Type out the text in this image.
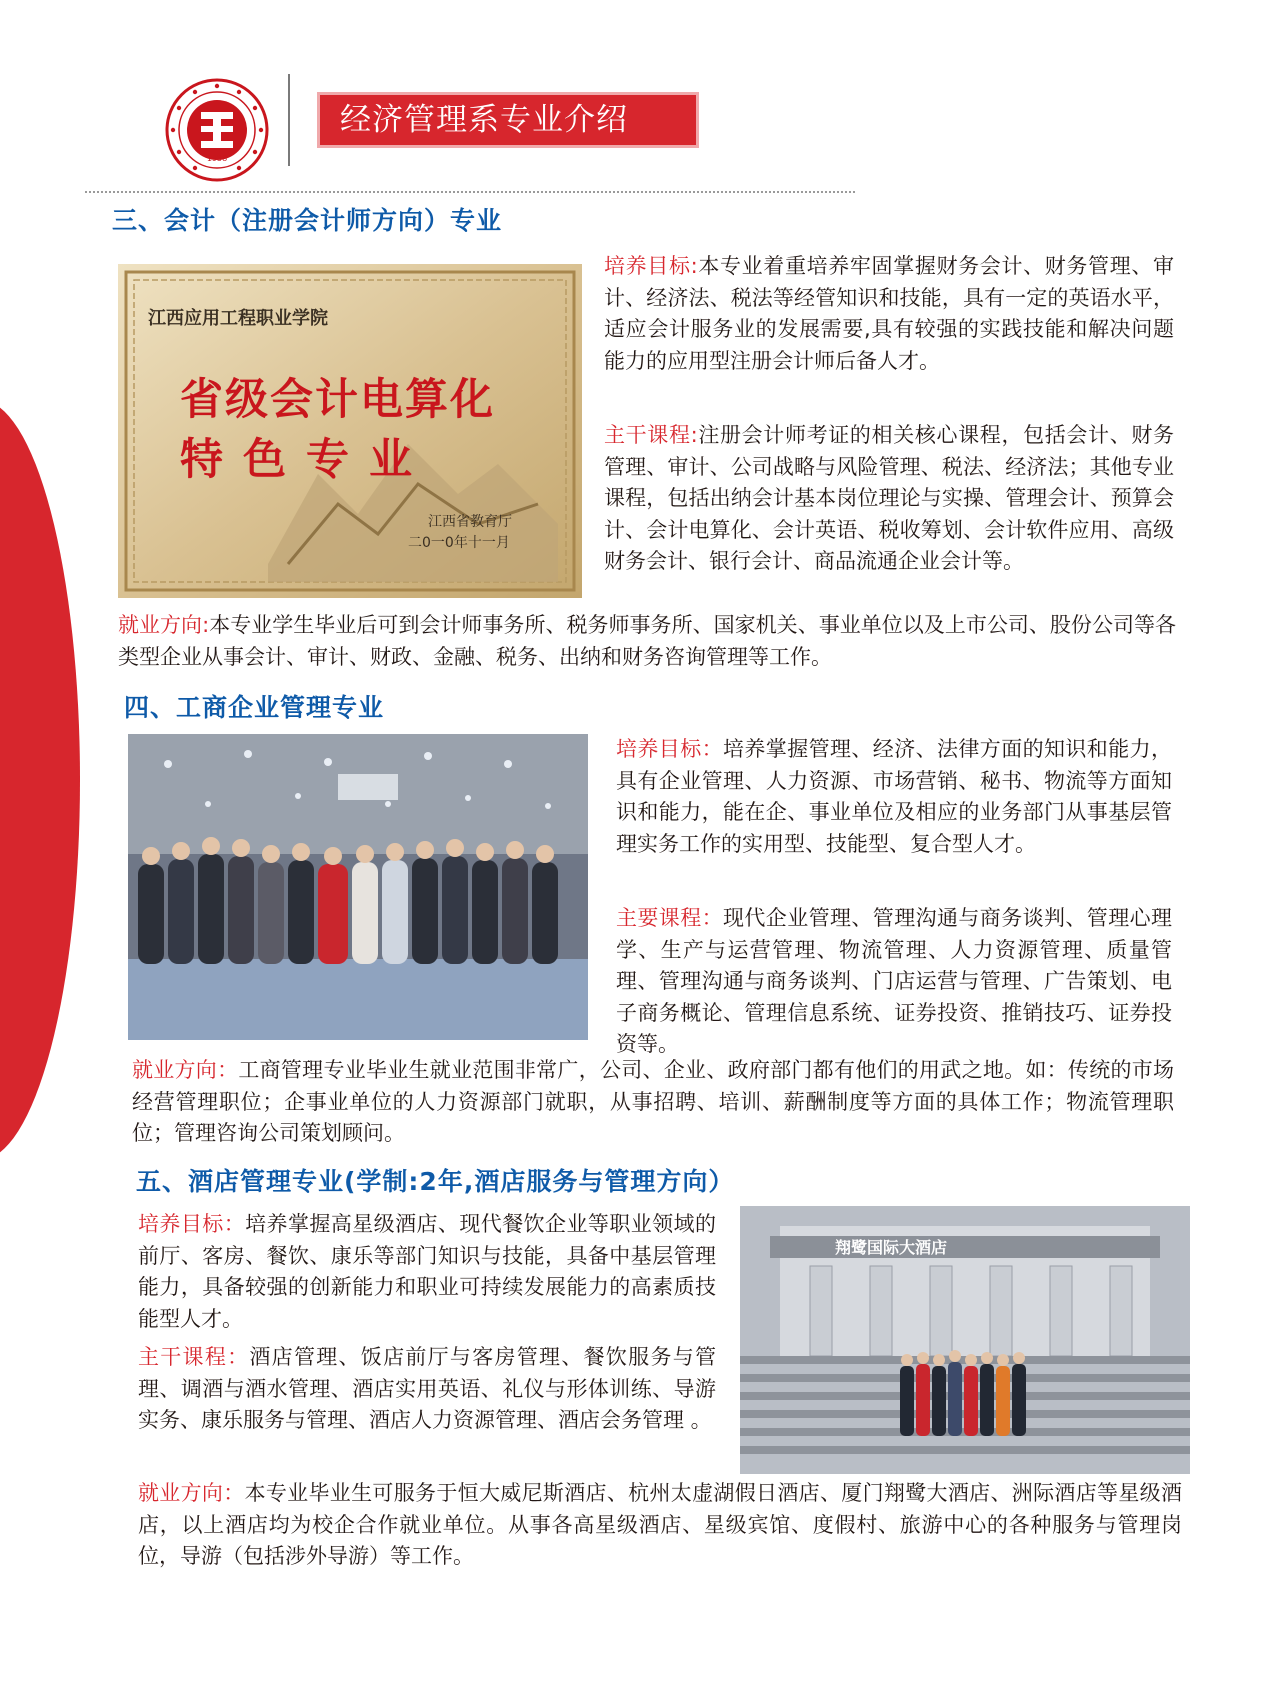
1958
经济管理系专业介绍
三、会计（注册会计师方向）专业
江西应用工程职业学院
省级会计电算化
特色专业
江西省教育厅
二0一0年十一月

培养目标:本专业着重培养牢固掌握财务会计、财务管理、审计、经济法、税法等经管知识和技能，具有一定的英语水平，适应会计服务业的发展需要,具有较强的实践技能和解决问题能力的应用型注册会计师后备人才。

主干课程:注册会计师考证的相关核心课程，包括会计、财务管理、审计、公司战略与风险管理、税法、经济法；其他专业课程，包括出纳会计基本岗位理论与实操、管理会计、预算会计、会计电算化、会计英语、税收筹划、会计软件应用、高级财务会计、银行会计、商品流通企业会计等。

就业方向:本专业学生毕业后可到会计师事务所、税务师事务所、国家机关、事业单位以及上市公司、股份公司等各类型企业从事会计、审计、财政、金融、税务、出纳和财务咨询管理等工作。

四、工商企业管理专业

培养目标：培养掌握管理、经济、法律方面的知识和能力，具有企业管理、人力资源、市场营销、秘书、物流等方面知识和能力，能在企、事业单位及相应的业务部门从事基层管理实务工作的实用型、技能型、复合型人才。

主要课程：现代企业管理、管理沟通与商务谈判、管理心理学、生产与运营管理、物流管理、人力资源管理、质量管理、管理沟通与商务谈判、门店运营与管理、广告策划、电子商务概论、管理信息系统、证券投资、推销技巧、证券投资等。

就业方向：工商管理专业毕业生就业范围非常广，公司、企业、政府部门都有他们的用武之地。如：传统的市场经营管理职位；企事业单位的人力资源部门就职，从事招聘、培训、薪酬制度等方面的具体工作；物流管理职位；管理咨询公司策划顾问。

五、酒店管理专业(学制:2年,酒店服务与管理方向）
翔鹭国际大酒店

培养目标：培养掌握高星级酒店、现代餐饮企业等职业领域的前厅、客房、餐饮、康乐等部门知识与技能，具备中基层管理能力，具备较强的创新能力和职业可持续发展能力的高素质技能型人才。

主干课程：酒店管理、饭店前厅与客房管理、餐饮服务与管理、调酒与酒水管理、酒店实用英语、礼仪与形体训练、导游实务、康乐服务与管理、酒店人力资源管理、酒店会务管理 。

就业方向：本专业毕业生可服务于恒大威尼斯酒店、杭州太虚湖假日酒店、厦门翔鹭大酒店、洲际酒店等星级酒店，以上酒店均为校企合作就业单位。从事各高星级酒店、星级宾馆、度假村、旅游中心的各种服务与管理岗位，导游（包括涉外导游）等工作。
